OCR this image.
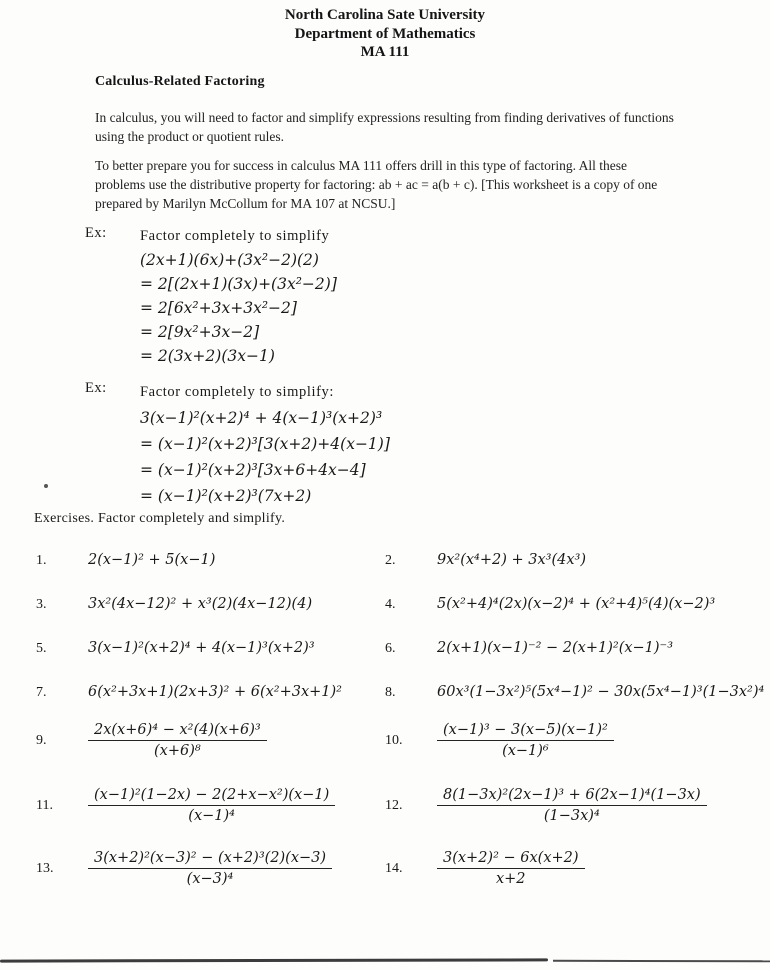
North Carolina Sate University
Department of Mathematics
MA 111
Calculus-Related Factoring
In calculus, you will need to factor and simplify expressions resulting from finding derivatives of functions
using the product or quotient rules.
To better prepare you for success in calculus MA 111 offers drill in this type of factoring. All these
problems use the distributive property for factoring: ab + ac = a(b + c). [This worksheet is a copy of one
prepared by Marilyn McCollum for MA 107 at NCSU.]
Ex: Factor completely to simplify
(2x+1)(6x)+(3x²−2)(2)
= 2[(2x+1)(3x)+(3x²−2)]
= 2[6x²+3x+3x²−2]
= 2[9x²+3x−2]
= 2(3x+2)(3x−1)
Ex: Factor completely to simplify:
3(x−1)²(x+2)⁴ + 4(x−1)³(x+2)³
= (x−1)²(x+2)³[3(x+2)+4(x−1)]
= (x−1)²(x+2)³[3x+6+4x−4]
= (x−1)²(x+2)³(7x+2)
Exercises. Factor completely and simplify.
1.	2(x−1)² + 5(x−1)	2.	9x²(x⁴+2) + 3x³(4x³)
3.	3x²(4x−12)² + x³(2)(4x−12)(4)	4.	5(x²+4)⁴(2x)(x−2)⁴ + (x²+4)⁵(4)(x−2)³
5.	3(x−1)²(x+2)⁴ + 4(x−1)³(x+2)³	6.	2(x+1)(x−1)⁻² − 2(x+1)²(x−1)⁻³
7.	6(x²+3x+1)(2x+3)² + 6(x²+3x+1)²	8.	60x³(1−3x²)⁵(5x⁴−1)² − 30x(5x⁴−1)³(1−3x²)⁴
9.	$\frac{\text{2x(x+6)⁴ − x²(4)(x+6)³}}{\text{(x+6)⁸}}$	10.	$\frac{\text{(x−1)³ − 3(x−5)(x−1)²}}{\text{(x−1)⁶}}$
11.	$\frac{\text{(x−1)²(1−2x) − 2(2+x−x²)(x−1)}}{\text{(x−1)⁴}}$	12.	$\frac{\text{8(1−3x)²(2x−1)³ + 6(2x−1)⁴(1−3x)}}{\text{(1−3x)⁴}}$
13.	$\frac{\text{3(x+2)²(x−3)² − (x+2)³(2)(x−3)}}{\text{(x−3)⁴}}$	14.	$\frac{\text{3(x+2)² − 6x(x+2)}}{x+2}$
